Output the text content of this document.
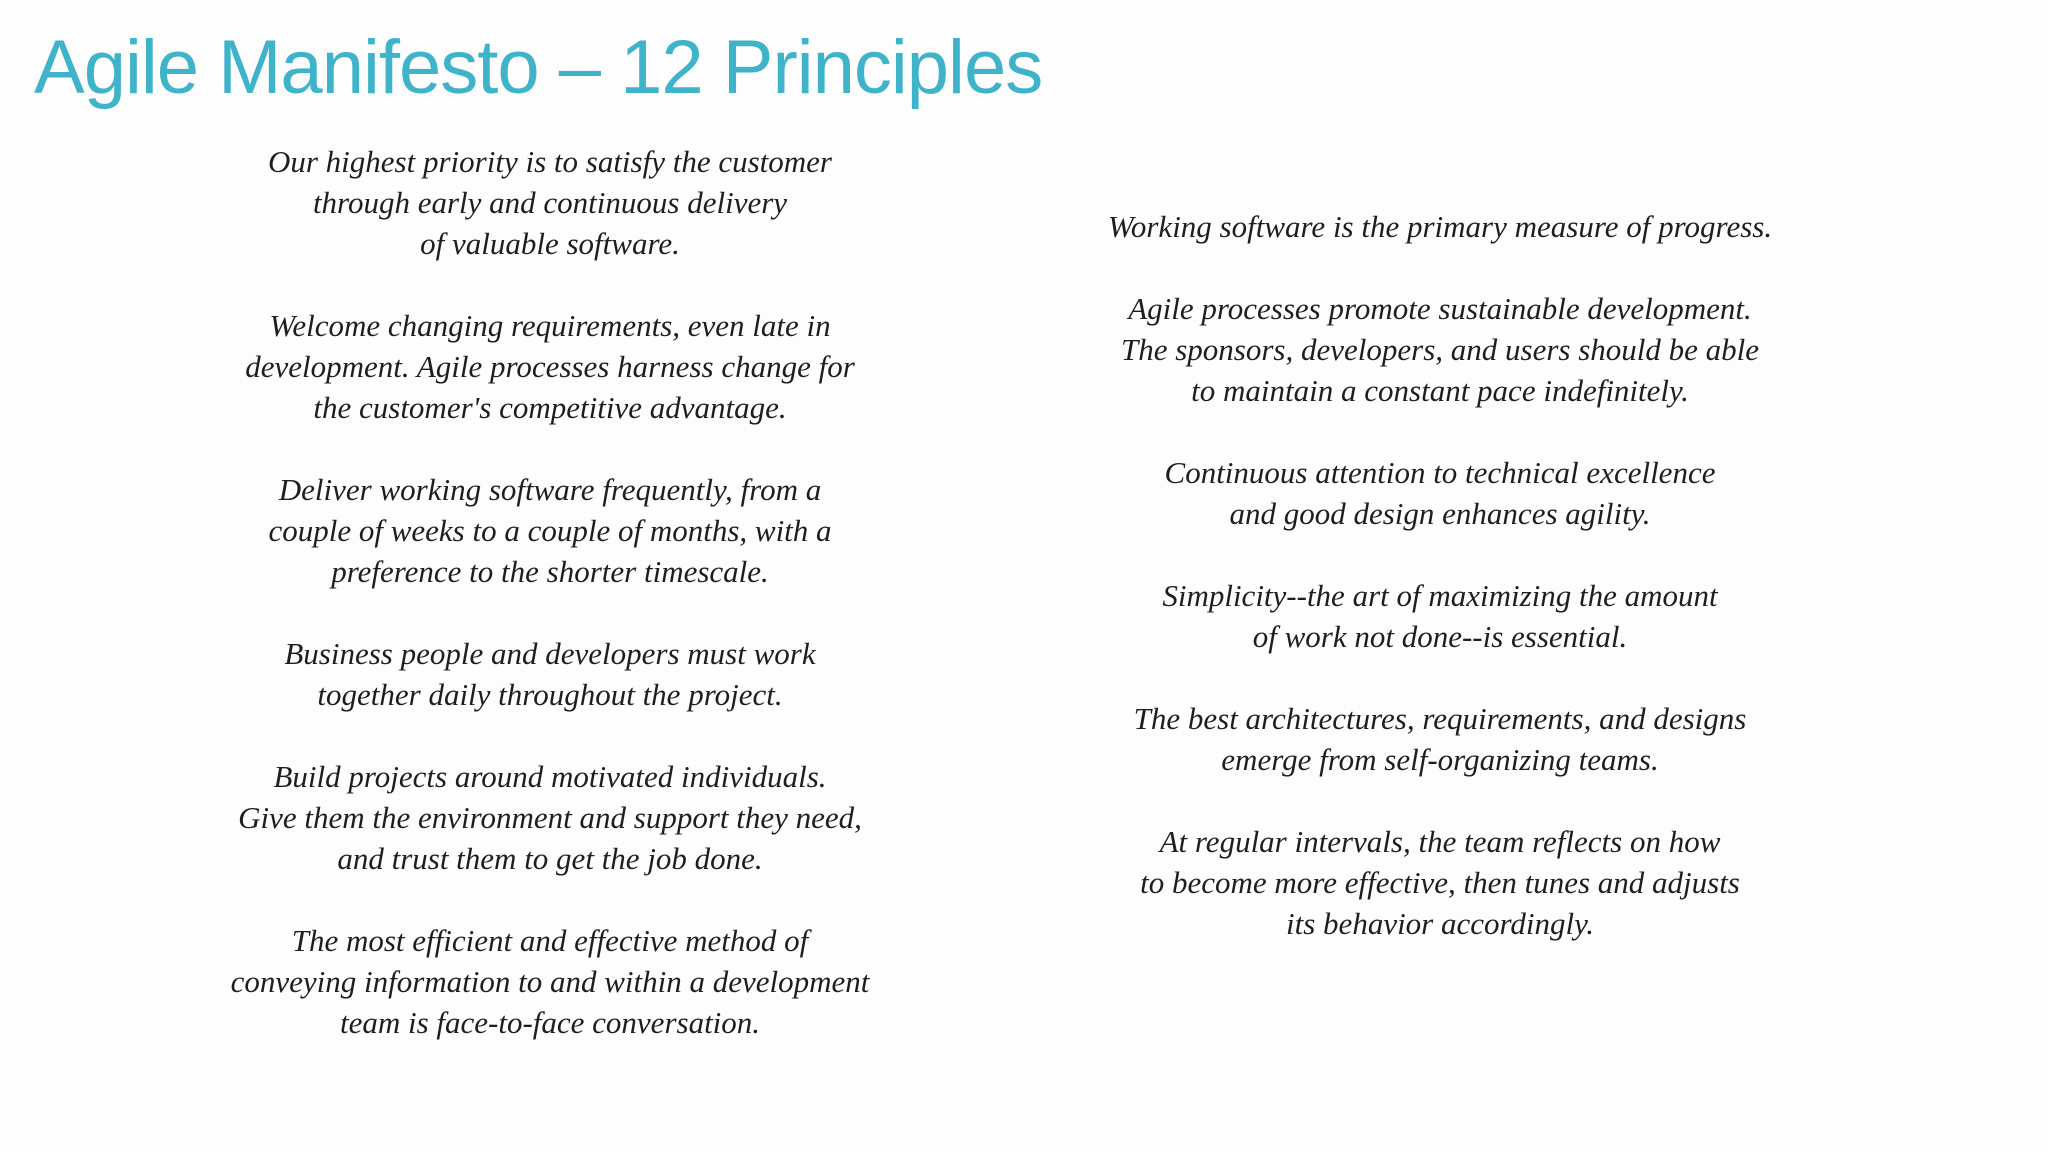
Agile Manifesto – 12 Principles

Our highest priority is to satisfy the customer
through early and continuous delivery
of valuable software.

Welcome changing requirements, even late in
development. Agile processes harness change for
the customer's competitive advantage.

Deliver working software frequently, from a
couple of weeks to a couple of months, with a
preference to the shorter timescale.

Business people and developers must work
together daily throughout the project.

Build projects around motivated individuals.
Give them the environment and support they need,
and trust them to get the job done.

The most efficient and effective method of
conveying information to and within a development
team is face-to-face conversation.

Working software is the primary measure of progress.

Agile processes promote sustainable development.
The sponsors, developers, and users should be able
to maintain a constant pace indefinitely.

Continuous attention to technical excellence
and good design enhances agility.

Simplicity--the art of maximizing the amount
of work not done--is essential.

The best architectures, requirements, and designs
emerge from self-organizing teams.

At regular intervals, the team reflects on how
to become more effective, then tunes and adjusts
its behavior accordingly.
